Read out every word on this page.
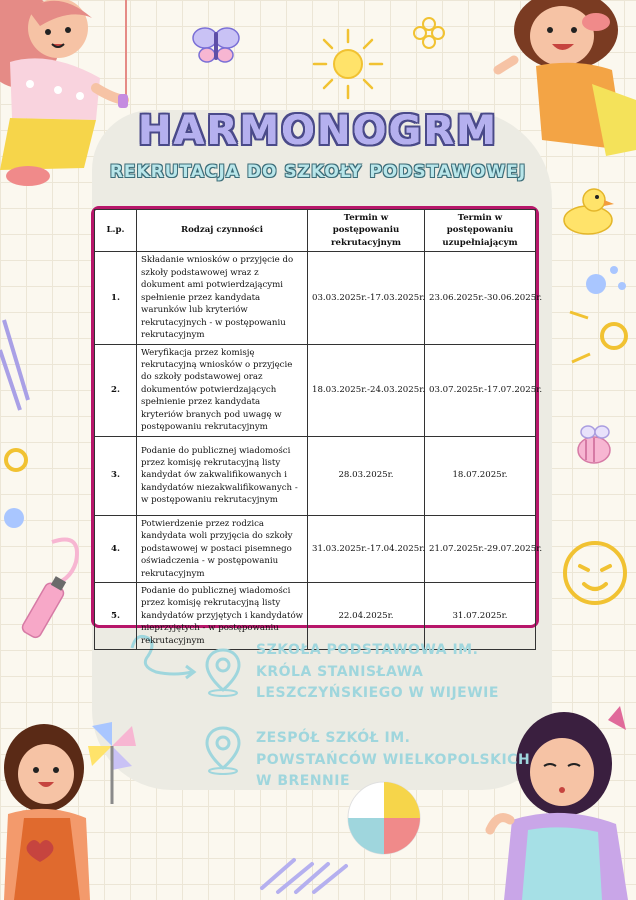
HARMONOGRM
REKRUTACJA DO SZKOŁY PODSTAWOWEJ
L.p.	Rodzaj czynności	Termin w postępowaniu rekrutacyjnym	Termin w postępowaniu uzupełniającym
1.	Składanie wniosków o przyjęcie do szkoły podstawowej wraz z dokument ami potwierdzającymi spełnienie przez kandydata warunków lub kryteriów rekrutacyjnych - w postępowaniu rekrutacyjnym	03.03.2025r.-17.03.2025r.	23.06.2025r.-30.06.2025r.
2.	Weryfikacja przez komisję rekrutacyjną wniosków o przyjęcie do szkoły podstawowej oraz dokumentów potwierdzających spełnienie przez kandydata kryteriów branych pod uwagę w postępowaniu rekrutacyjnym	18.03.2025r.-24.03.2025r.	03.07.2025r.-17.07.2025r.
3.	Podanie do publicznej wiadomości przez komisję rekrutacyjną listy kandydat ów zakwalifikowanych i kandydatów niezakwalifikowanych - w postępowaniu rekrutacyjnym	28.03.2025r.	18.07.2025r.
4.	Potwierdzenie przez rodzica kandydata woli przyjęcia do szkoły podstawowej w postaci pisemnego oświadczenia - w postępowaniu rekrutacyjnym	31.03.2025r.-17.04.2025r.	21.07.2025r.-29.07.2025r.
5.	Podanie do publicznej wiadomości przez komisję rekrutacyjną listy kandydatów przyjętych i kandydatów nieprzyjętych - w postępowaniu rekrutacyjnym	22.04.2025r.	31.07.2025r.
SZKOŁA PODSTAWOWA IM. KRÓLA STANISŁAWA LESZCZYŃSKIEGO W WIJEWIE
ZESPÓŁ SZKÓŁ IM. POWSTAŃCÓW WIELKOPOLSKICH W BRENNIE
